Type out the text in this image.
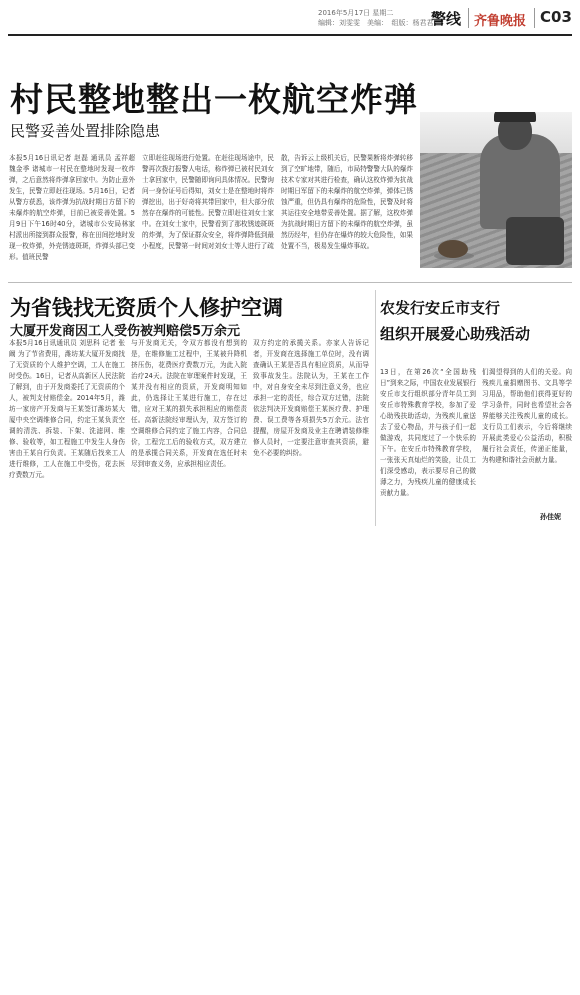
2016年5月17日 星期二
编辑：刘雯雯　美编：　组版：杨君君
警线 齐鲁晚报 C03
村民整地整出一枚航空炸弹
民警妥善处置排除隐患
本报5月16日讯记者 赵磊 通讯员 孟祥超 魏金季 诸城市一村民在整地时发现一枚炸弹，之后意然将炸弹拿回家中。为防止意外发生，民警立即赶往现场。5月16日，记者从警方获悉，该炸弹为抗战时期日方留下的未爆炸的航空炸弹，目前已被妥善处置。5月9日下午16时40分，诸城市公安局林家村派出所接到群众报警，称在田间挖地时发现一枚炸弹，外壳锈迹斑斑，炸弹头部已变形。值班民警
立即赶往现场进行处置。在赶往现场途中，民警再次拨打报警人电话，称炸弹已被村民刘女士拿回家中，民警随即询问具体情况。民警询问一身份证号后得知，刘女士是在整地时将炸弹挖出，出于好奇将其带回家中，但大部分依然存在爆炸的可能性。民警立即赶往刘女士家中。在刘女士家中，民警看到了那枚锈迹斑斑的炸弹，为了保证群众安全，将炸弹降低到最小程度，民警第一时间对刘女士等人进行了疏
散，告诉云上级机关后，民警果断将炸弹转移到了空旷地带，随后，市局特警警大队的爆炸技术专家对其进行检查，确认这枚炸弹为抗战时期日军留下的未爆炸的航空炸弹，弹体已锈蚀严重，但仍具有爆炸的危险性，民警及时将其运往安全地带妥善处置。据了解，这枚炸弹为抗战时期日方留下的未爆炸的航空炸弹，虽然历经年，但仍存在爆炸的较大危险性，如果处置不当，极易发生爆炸事故。
为省钱找无资质个人修护空调
大厦开发商因工人受伤被判赔偿5万余元
本报5月16日讯通讯员 刘思科 记者 张阚 为了节省费用，潍坊某大厦开发商找了无资质的个人维护空调，工人在施工时受伤。16日，记者从高新区人民法院了解到，由于开发商委托了无资质的个人，被判支付赔偿金。2014年5月，潍坊一家房产开发商与王某签订潍坊某大厦中央空调维修合同，约定王某负责空调的清洗、拆装、下架、洗滤网、维修、验收等，如工程施工中发生人身伤害由王某自行负责。王某随后找来工人进行维修，工人在施工中受伤，花去医疗费数万元。
与开发商无关，令双方都没有想到的是，在维修施工过程中，王某被升降机挤压伤，花费医疗费数万元，为此入院治疗24天。法院在审理案件时发现，王某并没有相应的资质，开发商明知如此，仍选择让王某进行施工，存在过错，应对王某的损失承担相应的赔偿责任。高新法院经审理认为，双方签订的空调维修合同约定了施工内容，合同总价，工程完工后的验收方式，双方建立的是承揽合同关系，开发商在选任时未尽到审查义务，应承担相应责任。
双方约定的承揽关系。亦家人告诉记者，开发商在选择施工单位时，没有调查确认王某是否具有相应资质，从而导致事故发生。法院认为，王某在工作中，对自身安全未尽到注意义务，也应承担一定的责任，综合双方过错，法院依法判决开发商赔偿王某医疗费、护理费、误工费等各项损失5万余元。法官提醒，房屋开发商及业主在聘请装修维修人员时，一定要注意审查其资质，避免不必要的纠纷。
农发行安丘市支行
组织开展爱心助残活动
13日，在第26次“全国助残日”到来之际，中国农业发展银行安丘市支行组织部分青年员工到安丘市特殊教育学校，参加了爱心助残扶助活动，为残疾儿童送去了爱心物品，并与孩子们一起做游戏，共同度过了一个快乐的下午。在安丘市特殊教育学校，一张张天真灿烂的笑脸，让员工们深受感动，表示要尽自己的微薄之力，为残疾儿童的健康成长贡献力量。
们渴望得到的人们的关爱。向残疾儿童捐赠图书、文具等学习用品，帮助他们获得更好的学习条件，同时也希望社会各界能够关注残疾儿童的成长。支行员工们表示，今后将继续开展此类爱心公益活动，积极履行社会责任，传递正能量，为构建和谐社会贡献力量。
孙佳妮
